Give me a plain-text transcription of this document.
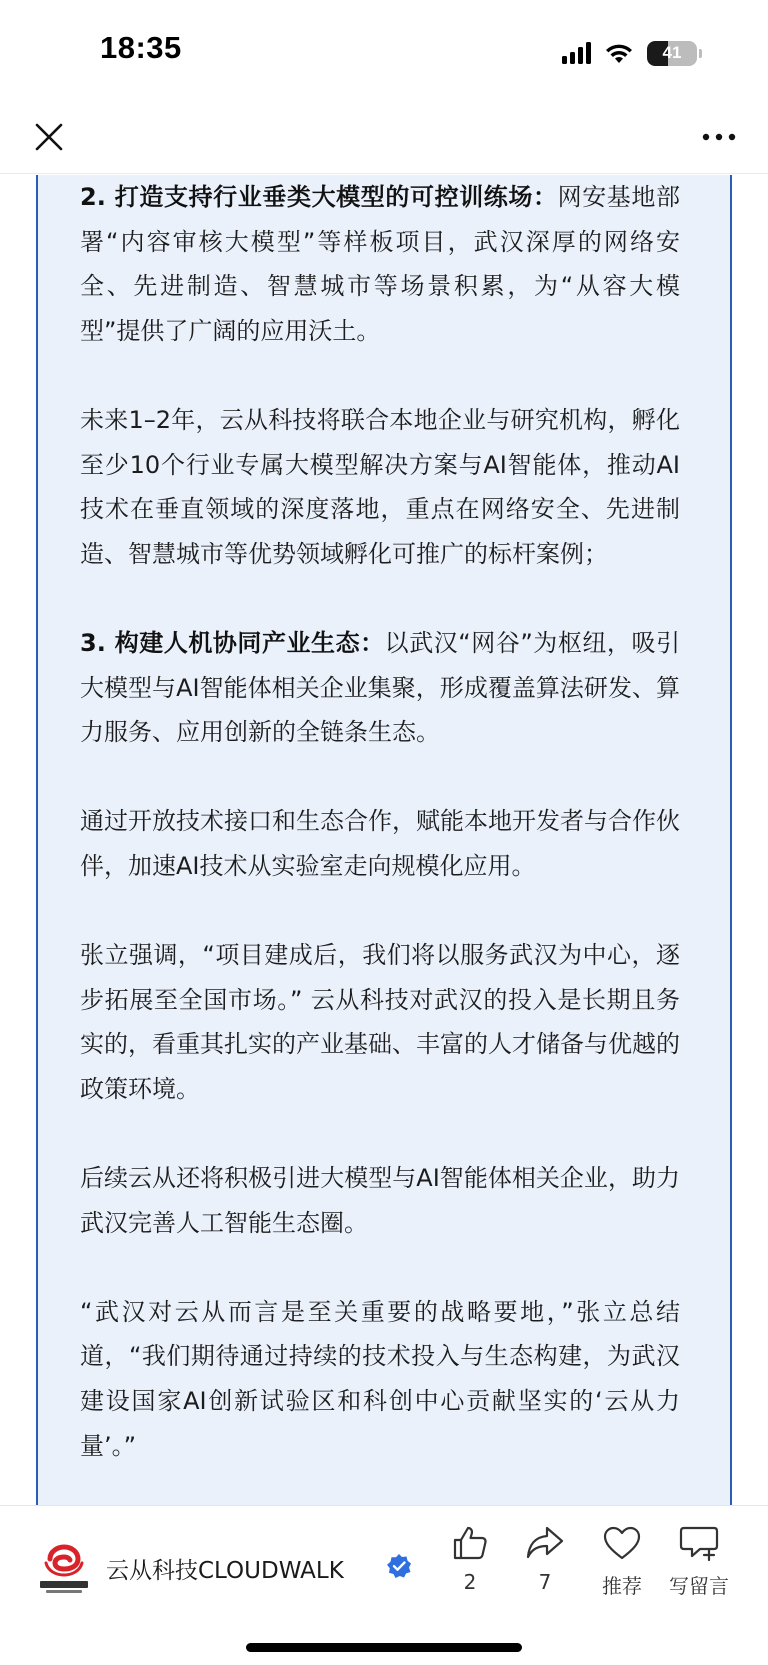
18:35	41

2. 打造支持行业垂类大模型的可控训练场：网安基地部署“内容审核大模型”等样板项目，武汉深厚的网络安全、先进制造、智慧城市等场景积累，为“从容大模型”提供了广阔的应用沃土。

未来1–2年，云从科技将联合本地企业与研究机构，孵化至少10个行业专属大模型解决方案与AI智能体，推动AI技术在垂直领域的深度落地，重点在网络安全、先进制造、智慧城市等优势领域孵化可推广的标杆案例；

3. 构建人机协同产业生态：以武汉“网谷”为枢纽，吸引大模型与AI智能体相关企业集聚，形成覆盖算法研发、算力服务、应用创新的全链条生态。

通过开放技术接口和生态合作，赋能本地开发者与合作伙伴，加速AI技术从实验室走向规模化应用。

张立强调，“项目建成后，我们将以服务武汉为中心，逐步拓展至全国市场。” 云从科技对武汉的投入是长期且务实的，看重其扎实的产业基础、丰富的人才储备与优越的政策环境。

后续云从还将积极引进大模型与AI智能体相关企业，助力武汉完善人工智能生态圈。

“武汉对云从而言是至关重要的战略要地，”张立总结道，“我们期待通过持续的技术投入与生态构建，为武汉建设国家AI创新试验区和科创中心贡献坚实的‘云从力量’。”

云从科技CLOUDWALK	2	7	推荐 写留言
